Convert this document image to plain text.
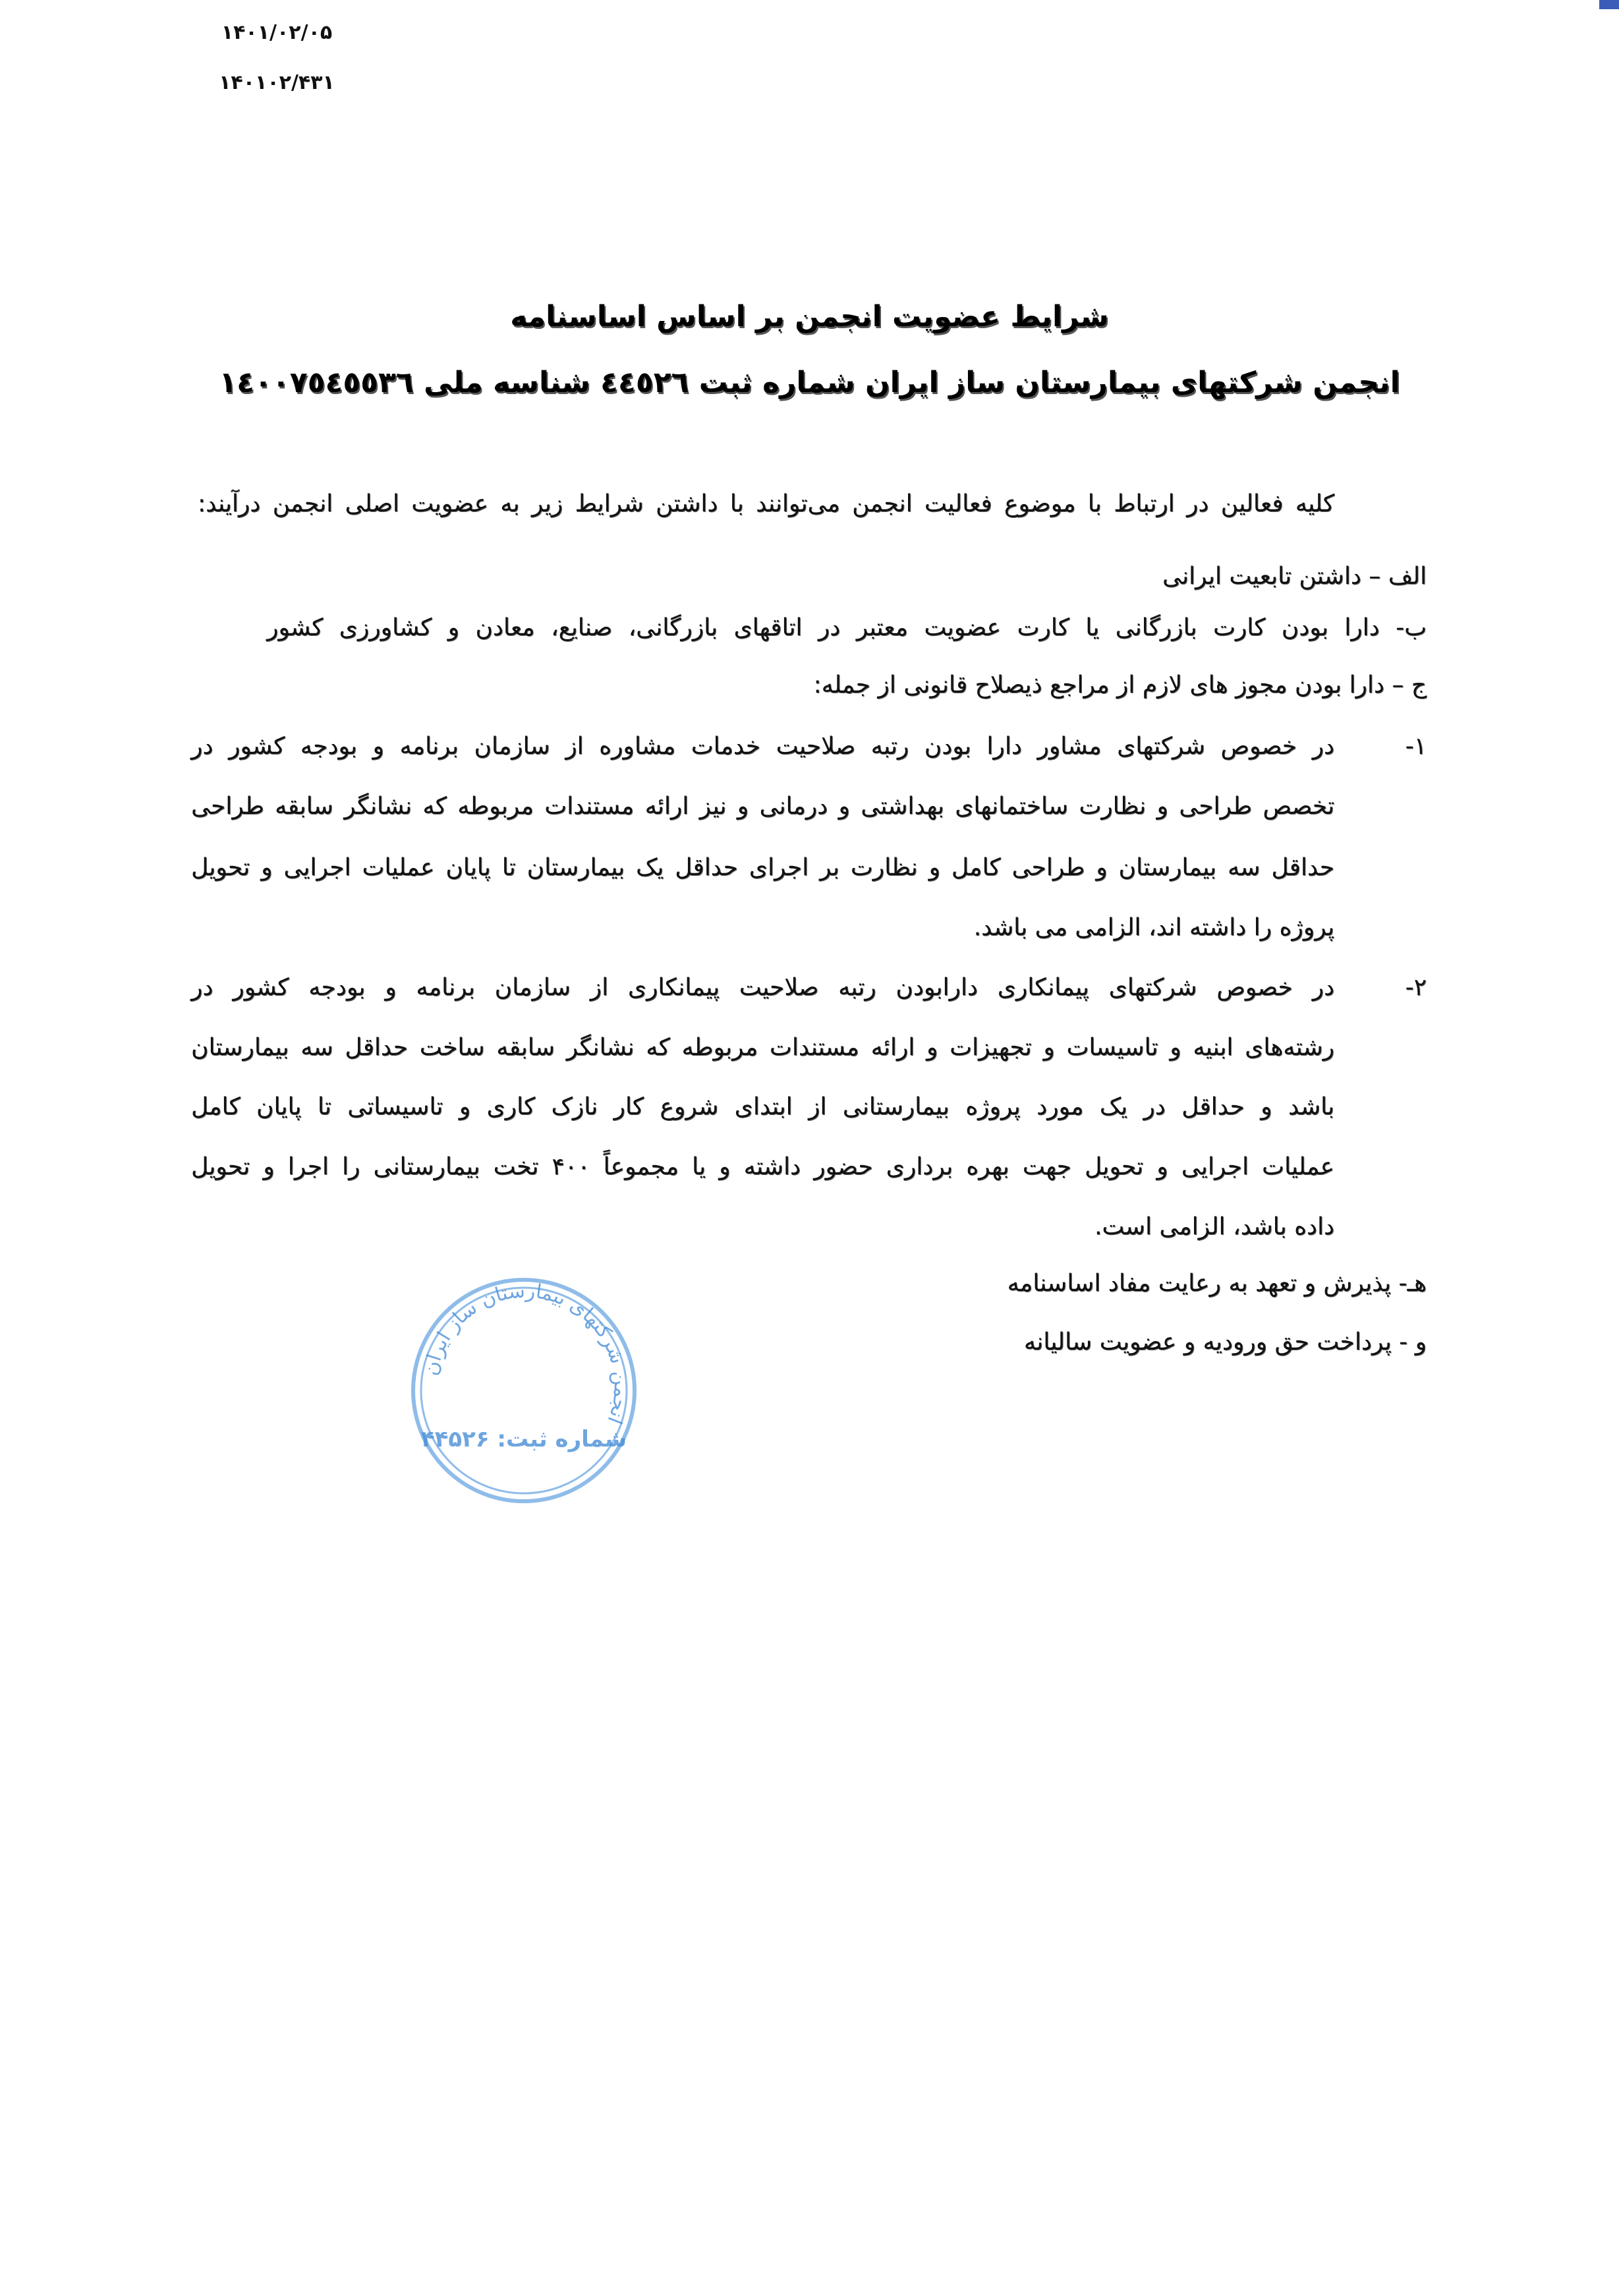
۱۴۰۱/۰۲/۰۵
۱۴۰۱۰۲/۴۳۱
شرایط عضویت انجمن بر اساس اساسنامه
انجمن شرکتهای بیمارستان ساز ایران شماره ثبت ٤٤٥٢٦ شناسه ملی ١٤٠٠٧٥٤٥٥٣٦
کلیه فعالین در ارتباط با موضوع فعالیت انجمن می‌توانند با داشتن شرایط زیر به عضویت اصلی انجمن درآیند:
الف – داشتن تابعیت ایرانی
ب- دارا بودن کارت بازرگانی یا کارت عضویت معتبر در اتاقهای بازرگانی، صنایع، معادن و کشاورزی کشور
ج – دارا بودن مجوز های لازم از مراجع ذیصلاح قانونی از جمله:
۱-
در خصوص شرکتهای مشاور دارا بودن رتبه صلاحیت خدمات مشاوره از سازمان برنامه و بودجه کشور در
تخصص طراحی و نظارت ساختمانهای بهداشتی و درمانی و نیز ارائه مستندات مربوطه که نشانگر سابقه طراحی
حداقل سه بیمارستان و طراحی کامل و نظارت بر اجرای حداقل یک بیمارستان تا پایان عملیات اجرایی و تحویل
پروژه را داشته اند، الزامی می باشد.
۲-
در خصوص شرکتهای پیمانکاری دارابودن رتبه صلاحیت پیمانکاری از سازمان برنامه و بودجه کشور در
رشته‌های ابنیه و تاسیسات و تجهیزات و ارائه مستندات مربوطه که نشانگر سابقه ساخت حداقل سه بیمارستان
باشد و حداقل در یک مورد پروژه بیمارستانی از ابتدای شروع کار نازک کاری و تاسیساتی تا پایان کامل
عملیات اجرایی و تحویل جهت بهره برداری حضور داشته و یا مجموعاً ۴۰۰ تخت بیمارستانی را اجرا و تحویل
داده باشد، الزامی است.
هـ- پذیرش و تعهد به رعایت مفاد اساسنامه
و - پرداخت حق ورودیه و عضویت سالیانه
انجمن شرکتهای بیمارستان ساز ایران
شماره ثبت: ۴۴۵۲۶
